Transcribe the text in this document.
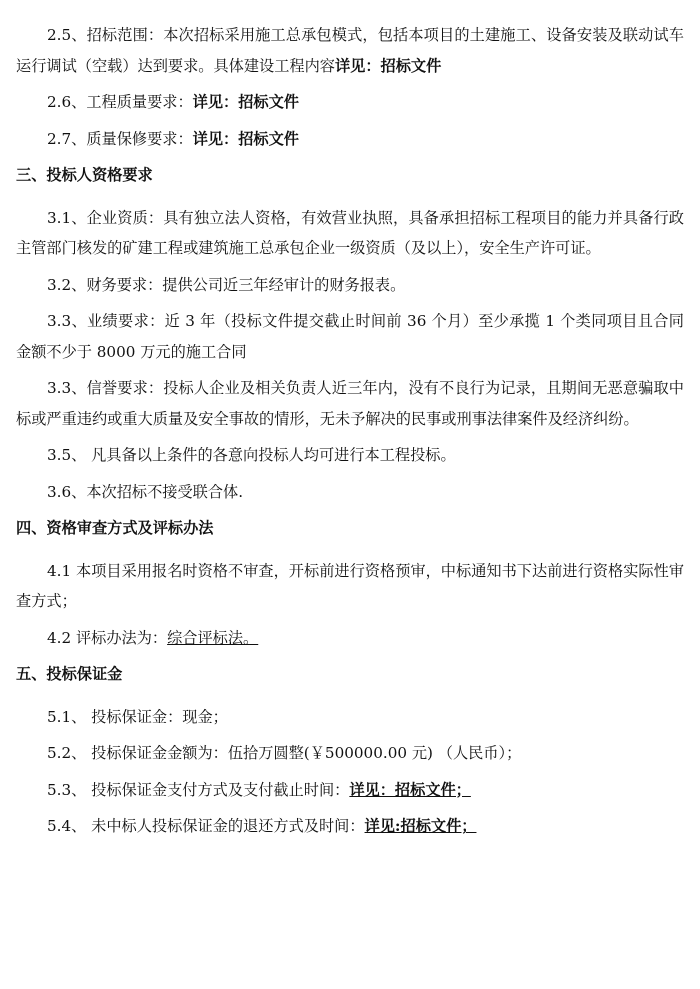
2.5、招标范围：本次招标采用施工总承包模式，包括本项目的土建施工、设备安装及联动试车运行调试（空载）达到要求。具体建设工程内容详见：招标文件

2.6、工程质量要求：详见：招标文件

2.7、质量保修要求：详见：招标文件

三、投标人资格要求

3.1、企业资质：具有独立法人资格，有效营业执照，具备承担招标工程项目的能力并具备行政主管部门核发的矿建工程或建筑施工总承包企业一级资质（及以上），安全生产许可证。

3.2、财务要求：提供公司近三年经审计的财务报表。

3.3、业绩要求：近 3 年（投标文件提交截止时间前 36 个月）至少承揽 1 个类同项目且合同金额不少于 8000 万元的施工合同

3.3、信誉要求：投标人企业及相关负责人近三年内，没有不良行为记录，且期间无恶意骗取中标或严重违约或重大质量及安全事故的情形，无未予解决的民事或刑事法律案件及经济纠纷。

3.5、 凡具备以上条件的各意向投标人均可进行本工程投标。

3.6、本次招标不接受联合体.

四、资格审查方式及评标办法

4.1 本项目采用报名时资格不审查，开标前进行资格预审，中标通知书下达前进行资格实际性审查方式；

4.2 评标办法为：综合评标法。

五、投标保证金

5.1、 投标保证金：现金；

5.2、 投标保证金金额为：伍拾万圆整(￥500000.00 元) （人民币）；

5.3、 投标保证金支付方式及支付截止时间：详见：招标文件；

5.4、 未中标人投标保证金的退还方式及时间：详见:招标文件；
